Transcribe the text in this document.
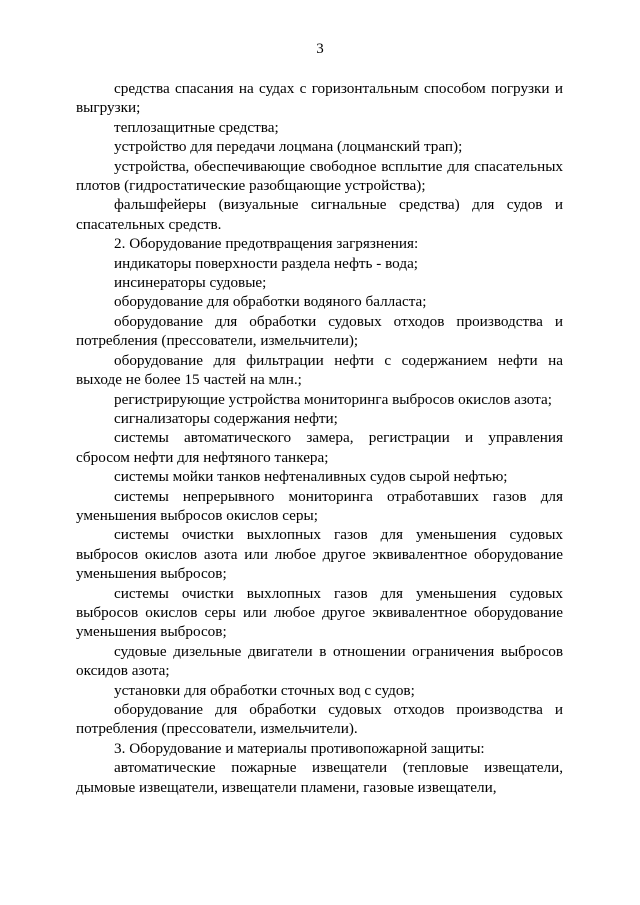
3

средства спасания на судах с горизонтальным способом погрузки и выгрузки;

теплозащитные средства;

устройство для передачи лоцмана (лоцманский трап);

устройства, обеспечивающие свободное всплытие для спасательных плотов (гидростатические разобщающие устройства);

фальшфейеры (визуальные сигнальные средства) для судов и спасательных средств.

2. Оборудование предотвращения загрязнения:

индикаторы поверхности раздела нефть - вода;

инсинераторы судовые;

оборудование для обработки водяного балласта;

оборудование для обработки судовых отходов производства и потребления (прессователи, измельчители);

оборудование для фильтрации нефти с содержанием нефти на выходе не более 15 частей на млн.;

регистрирующие устройства мониторинга выбросов окислов азота;

сигнализаторы содержания нефти;

системы автоматического замера, регистрации и управления сбросом нефти для нефтяного танкера;

системы мойки танков нефтеналивных судов сырой нефтью;

системы непрерывного мониторинга отработавших газов для уменьшения выбросов окислов серы;

системы очистки выхлопных газов для уменьшения судовых выбросов окислов азота или любое другое эквивалентное оборудование уменьшения выбросов;

системы очистки выхлопных газов для уменьшения судовых выбросов окислов серы или любое другое эквивалентное оборудование уменьшения выбросов;

судовые дизельные двигатели в отношении ограничения выбросов оксидов азота;

установки для обработки сточных вод с судов;

оборудование для обработки судовых отходов производства и потребления (прессователи, измельчители).

3. Оборудование и материалы противопожарной защиты:

автоматические пожарные извещатели (тепловые извещатели, дымовые извещатели, извещатели пламени, газовые извещатели,
